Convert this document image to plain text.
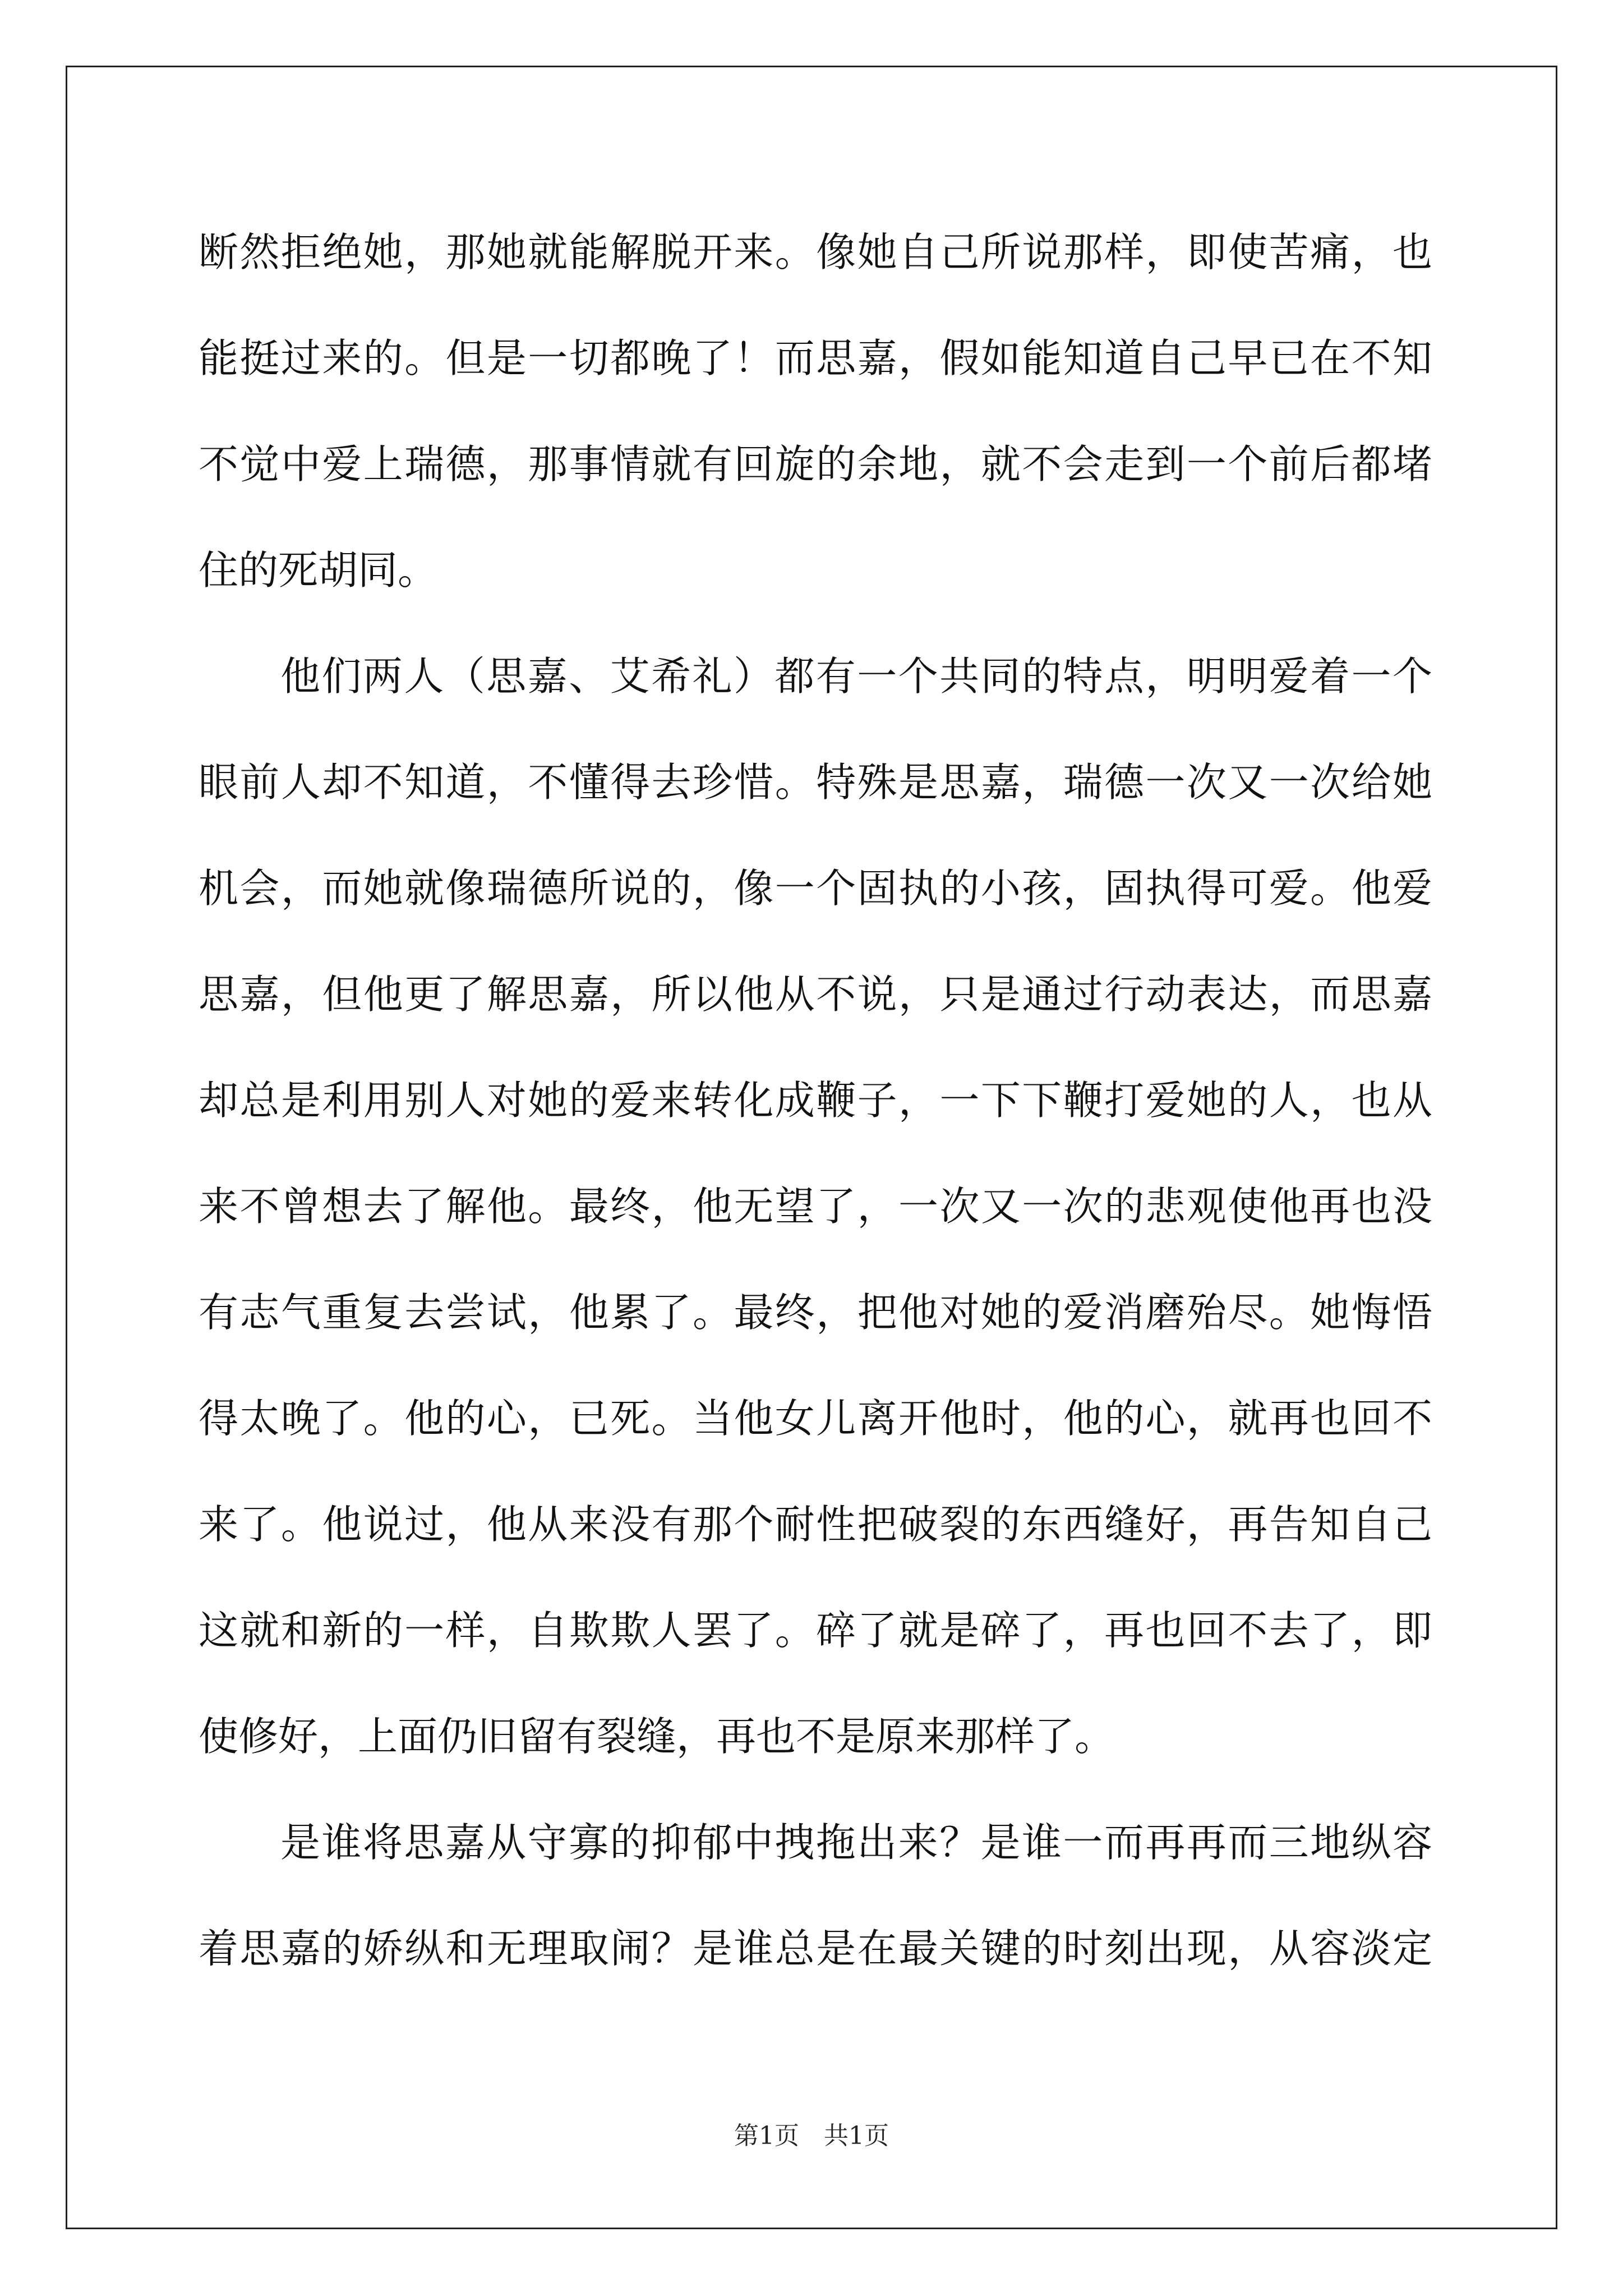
断然拒绝她，那她就能解脱开来。像她自己所说那样，即使苦痛，也
能挺过来的。但是一切都晚了！而思嘉，假如能知道自己早已在不知
不觉中爱上瑞德，那事情就有回旋的余地，就不会走到一个前后都堵
住的死胡同。
他们两人（思嘉、艾希礼）都有一个共同的特点，明明爱着一个
眼前人却不知道，不懂得去珍惜。特殊是思嘉，瑞德一次又一次给她
机会，而她就像瑞德所说的，像一个固执的小孩，固执得可爱。他爱
思嘉，但他更了解思嘉，所以他从不说，只是通过行动表达，而思嘉
却总是利用别人对她的爱来转化成鞭子，一下下鞭打爱她的人，也从
来不曾想去了解他。最终，他无望了，一次又一次的悲观使他再也没
有志气重复去尝试，他累了。最终，把他对她的爱消磨殆尽。她悔悟
得太晚了。他的心，已死。当他女儿离开他时，他的心，就再也回不
来了。他说过，他从来没有那个耐性把破裂的东西缝好，再告知自己
这就和新的一样，自欺欺人罢了。碎了就是碎了，再也回不去了，即
使修好，上面仍旧留有裂缝，再也不是原来那样了。
是谁将思嘉从守寡的抑郁中拽拖出来？是谁一而再再而三地纵容
着思嘉的娇纵和无理取闹？是谁总是在最关键的时刻出现，从容淡定
第1页　共1页
